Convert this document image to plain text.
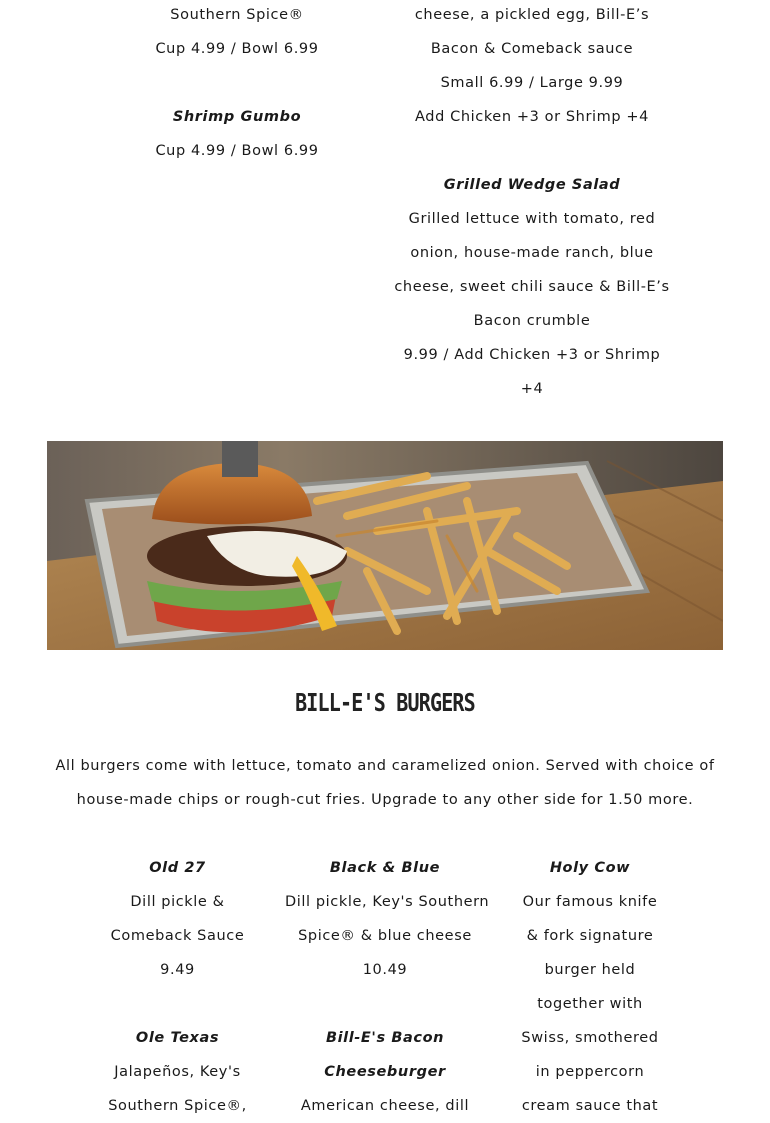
Southern Spice®
Cup 4.99 / Bowl 6.99
Shrimp Gumbo
Cup 4.99 / Bowl 6.99
cheese, a pickled egg, Bill-E’s
Bacon & Comeback sauce
Small 6.99 / Large 9.99
Add Chicken +3 or Shrimp +4
Grilled Wedge Salad
Grilled lettuce with tomato, red
onion, house-made ranch, blue
cheese, sweet chili sauce & Bill-E’s
Bacon crumble
9.99 / Add Chicken +3 or Shrimp
+4
BILL-E'S BURGERS
All burgers come with lettuce, tomato and caramelized onion. Served with choice of
house-made chips or rough-cut fries. Upgrade to any other side for 1.50 more.
Old 27
Dill pickle &
Comeback Sauce
9.49
Ole Texas
Jalapeños, Key's
Southern Spice®,
Black & Blue
Dill pickle, Key's Southern
Spice® & blue cheese
10.49
Bill-E's Bacon
Cheeseburger
American cheese, dill
Holy Cow
Our famous knife
& fork signature
burger held
together with
Swiss, smothered
in peppercorn
cream sauce that
